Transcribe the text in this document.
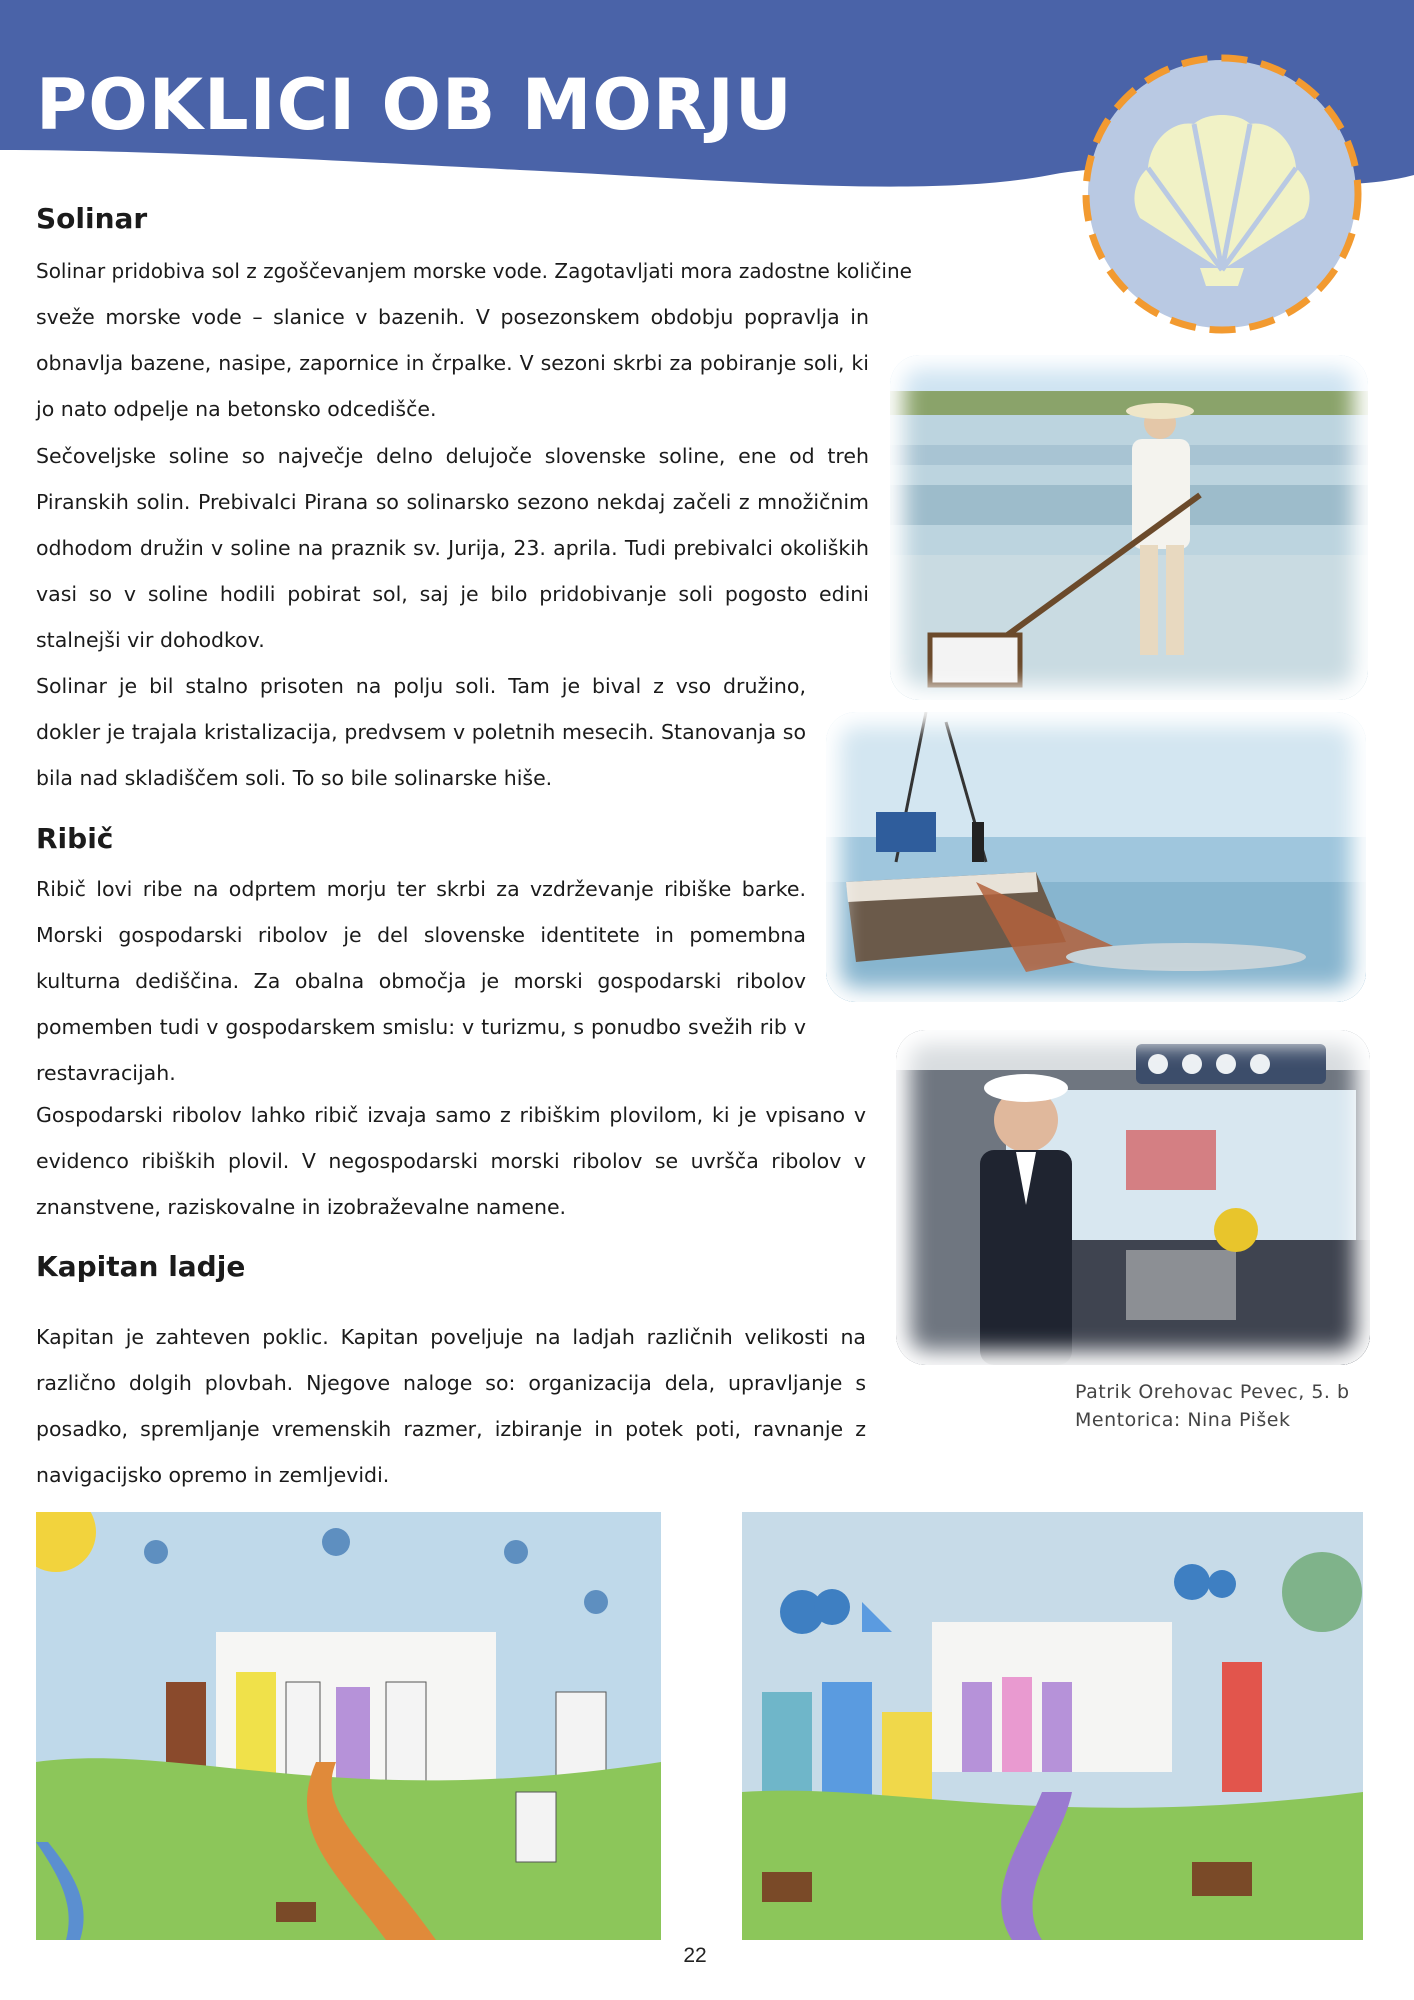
POKLICI OB MORJU
Solinar

Solinar pridobiva sol z zgoščevanjem morske vode. Zagotavljati mora zadostne količine

sveže morske vode – slanice v bazenih. V posezonskem obdobju popravlja in obnavlja bazene, nasipe, zapornice in črpalke. V sezoni skrbi za pobiranje soli, ki jo nato odpelje na betonsko odcedišče.

Sečoveljske soline so največje delno delujoče slovenske soline, ene od treh Piranskih solin. Prebivalci Pirana so solinarsko sezono nekdaj začeli z množičnim odhodom družin v soline na praznik sv. Jurija, 23. aprila. Tudi prebivalci okoliških vasi so v soline hodili pobirat sol, saj je bilo pridobivanje soli pogosto edini stalnejši vir dohodkov.

Solinar je bil stalno prisoten na polju soli. Tam je bival z vso družino, dokler je trajala kristalizacija, predvsem v poletnih mesecih. Stanovanja so bila nad skladiščem soli. To so bile solinarske hiše.

Ribič

Ribič lovi ribe na odprtem morju ter skrbi za vzdrževanje ribiške barke. Morski gospodarski ribolov je del slovenske identitete in pomembna kulturna dediščina. Za obalna območja je morski gospodarski ribolov pomemben tudi v gospodarskem smislu: v turizmu, s ponudbo svežih rib v restavracijah.

Gospodarski ribolov lahko ribič izvaja samo z ribiškim plovilom, ki je vpisano v evidenco ribiških plovil. V negospodarski morski ribolov se uvršča ribolov v znanstvene, raziskovalne in izobraževalne namene.

Kapitan ladje

Kapitan je zahteven poklic. Kapitan poveljuje na ladjah različnih velikosti na različno dolgih plovbah. Njegove naloge so: organizacija dela, upravljanje s posadko, spremljanje vremenskih razmer, izbiranje in potek poti, ravnanje z navigacijsko opremo in zemljevidi.

Patrik Orehovac Pevec, 5. b
Mentorica: Nina Pišek

22
